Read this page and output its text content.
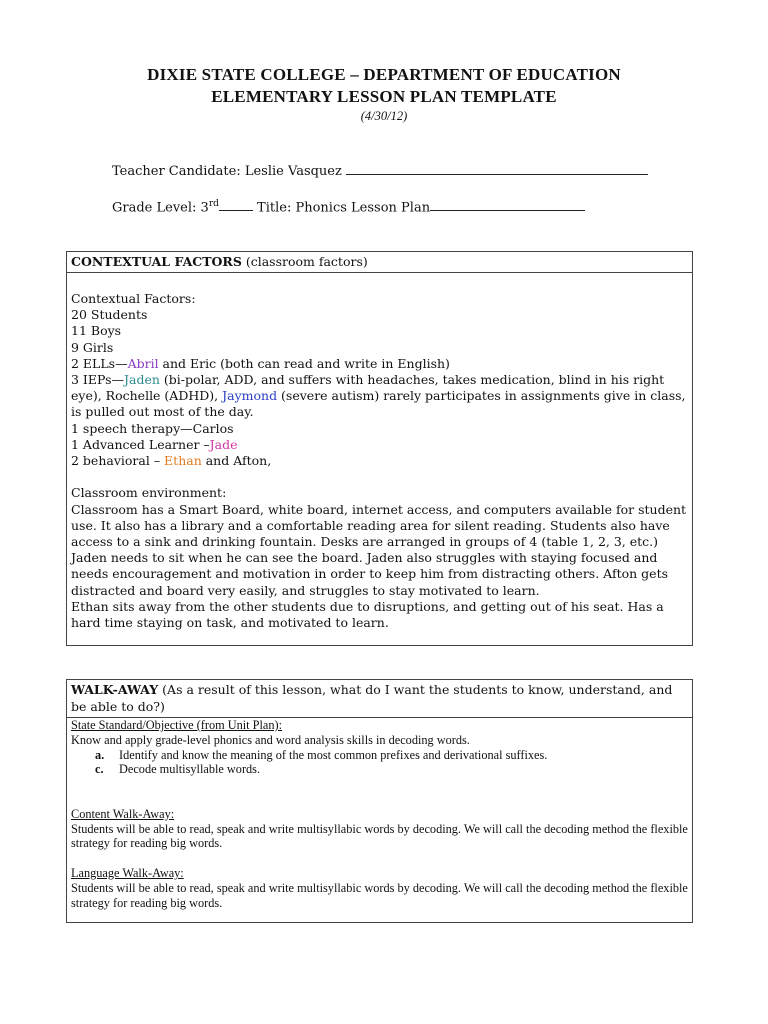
DIXIE STATE COLLEGE – DEPARTMENT OF EDUCATION
ELEMENTARY LESSON PLAN TEMPLATE
(4/30/12)
Teacher Candidate: Leslie Vasquez
Grade Level: 3rd	Title: Phonics Lesson Plan
CONTEXTUAL FACTORS (classroom factors)
Contextual Factors:
20 Students
11 Boys
9 Girls
2 ELLs—Abril and Eric (both can read and write in English)
3 IEPs—Jaden (bi-polar, ADD, and suffers with headaches, takes medication, blind in his right eye), Rochelle (ADHD), Jaymond (severe autism) rarely participates in assignments give in class, is pulled out most of the day.
1 speech therapy—Carlos
1 Advanced Learner –Jade
2 behavioral – Ethan and Afton,
Classroom environment:
Classroom has a Smart Board, white board, internet access, and computers available for student use. It also has a library and a comfortable reading area for silent reading. Students also have access to a sink and drinking fountain. Desks are arranged in groups of 4 (table 1, 2, 3, etc.)
Jaden needs to sit when he can see the board. Jaden also struggles with staying focused and needs encouragement and motivation in order to keep him from distracting others. Afton gets distracted and board very easily, and struggles to stay motivated to learn.
Ethan sits away from the other students due to disruptions, and getting out of his seat. Has a hard time staying on task, and motivated to learn.
WALK-AWAY (As a result of this lesson, what do I want the students to know, understand, and be able to do?)
State Standard/Objective (from Unit Plan):
Know and apply grade-level phonics and word analysis skills in decoding words.
a. Identify and know the meaning of the most common prefixes and derivational suffixes.
c. Decode multisyllable words.
Content Walk-Away:
Students will be able to read, speak and write multisyllabic words by decoding. We will call the decoding method the flexible strategy for reading big words.
Language Walk-Away:
Students will be able to read, speak and write multisyllabic words by decoding. We will call the decoding method the flexible strategy for reading big words.
